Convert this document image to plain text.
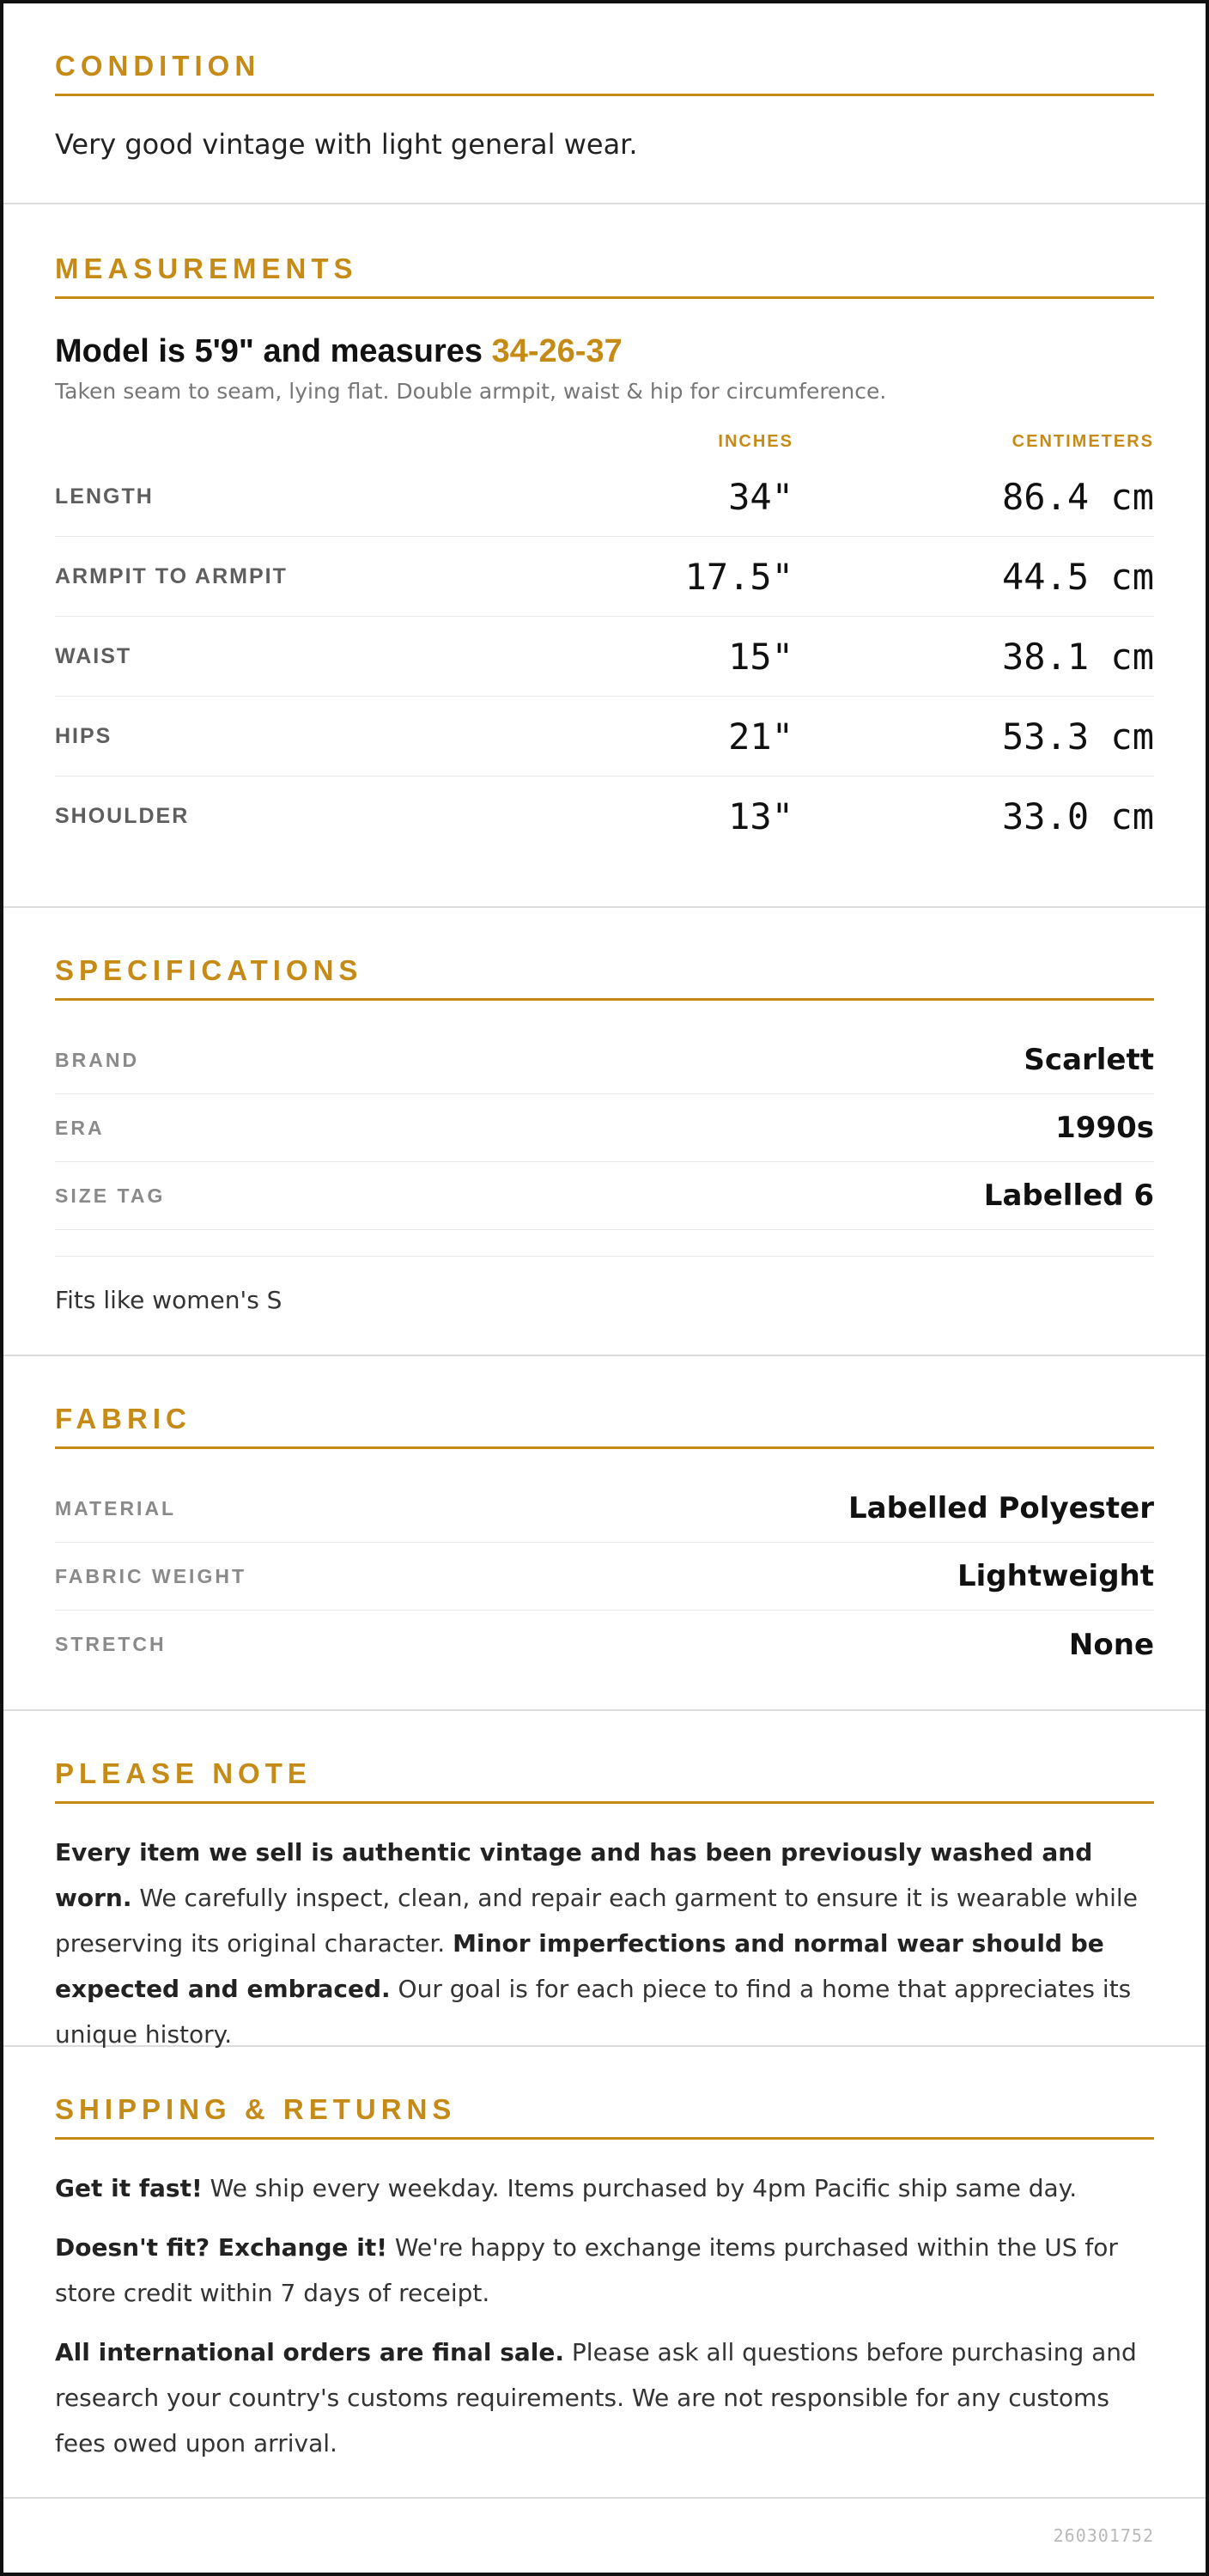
CONDITION
Very good vintage with light general wear.
MEASUREMENTS
Model is 5'9" and measures 34-26-37
Taken seam to seam, lying flat. Double armpit, waist & hip for circumference.
INCHES	CENTIMETERS
LENGTH	34"	86.4 cm
ARMPIT TO ARMPIT	17.5"	44.5 cm
WAIST	15"	38.1 cm
HIPS	21"	53.3 cm
SHOULDER	13"	33.0 cm
SPECIFICATIONS
BRAND	Scarlett
ERA	1990s
SIZE TAG	Labelled 6
Fits like women's S
FABRIC
MATERIAL	Labelled Polyester
FABRIC WEIGHT	Lightweight
STRETCH	None
PLEASE NOTE

Every item we sell is authentic vintage and has been previously washed and worn. We carefully inspect, clean, and repair each garment to ensure it is wearable while preserving its original character. Minor imperfections and normal wear should be expected and embraced. Our goal is for each piece to find a home that appreciates its unique history.

SHIPPING & RETURNS

Get it fast! We ship every weekday. Items purchased by 4pm Pacific ship same day.

Doesn't fit? Exchange it! We're happy to exchange items purchased within the US for store credit within 7 days of receipt.

All international orders are final sale. Please ask all questions before purchasing and research your country's customs requirements. We are not responsible for any customs fees owed upon arrival.

260301752
